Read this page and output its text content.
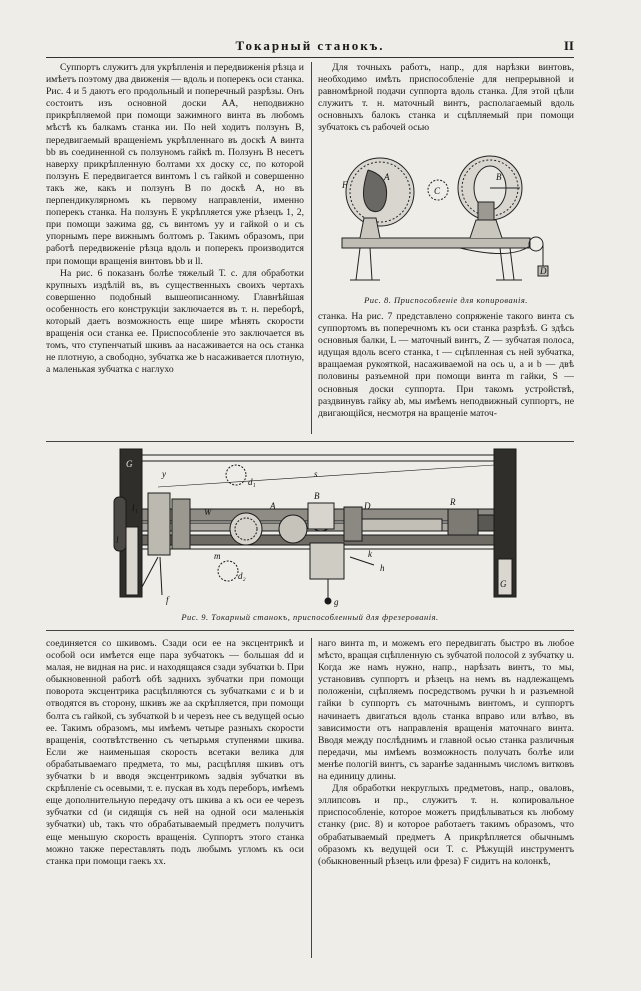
Токарный станокъ.	II

Суппортъ служитъ для укрѣпленія и передвиженія рѣзца и имѣетъ поэтому два движенія — вдоль и поперекъ оси станка. Рис. 4 и 5 даютъ его продольный и поперечный разрѣзы. Онъ состоитъ изъ основной доски AA, неподвижно прикрѣпляемой при помощи зажимного винта въ любомъ мѣстѣ къ балкамъ станка ии. По ней ходитъ ползунъ B, передвигаемый вращеніемъ укрѣпленнаго въ доскѣ A винта bb въ соединенной съ ползуномъ гайкѣ m. Ползунъ B несетъ наверху прикрѣпленную болтами xx доску cc, по которой ползунъ E передвигается винтомъ l съ гайкой и совершенно такъ же, какъ и ползунъ B по доскѣ A, но въ перпендикулярномъ къ первому направленіи, именно поперекъ станка. На ползунъ E укрѣпляется уже рѣзецъ 1, 2, при помощи зажима gg, съ винтомъ yy и гайкой o и съ упорнымъ пере вижнымъ болтомъ p. Такимъ образомъ, при работѣ передвиженіе рѣзца вдоль и поперекъ производится при помощи вращенія винтовъ bb и ll.

На рис. 6 показанъ болѣе тяжелый Т. с. для обработки крупныхъ издѣлій въ, въ существенныхъ своихъ чертахъ совершенно подобный вышеописанному. Главнѣйшая особенность его конструкціи заключается въ т. н. переборѣ, который даетъ возможность еще шире мѣнять скорости вращенія оси станка ee. Приспособленіе это заключается въ томъ, что ступенчатый шкивъ aa насаживается на ось станка не плотную, а свободно, зубчатка же b насаживается плотную, а маленькая зубчатка c наглухо

Для точныхъ работъ, напр., для нарѣзки винтовъ, необходимо имѣть приспособленіе для непрерывной и равномѣрной подачи суппорта вдоль станка. Для этой цѣли служитъ т. н. маточный винтъ, располагаемый вдоль основныхъ балокъ станка и сцѣпляемый при помощи зубчатокъ съ рабочей осью

F
A
C
B
D
Рис. 8. Приспособленіе для копированія.

станка. На рис. 7 представлено сопряженіе такого винта съ суппортомъ въ поперечномъ къ оси станка разрѣзѣ. G здѣсь основныя балки, L — маточный винтъ, Z — зубчатая полоса, идущая вдоль всего станка, t — сцѣпленная съ ней зубчатка, вращаемая рукояткой, насаживаемой на ось u, a и b — двѣ половины разъемной при помощи винта m гайки, S — основныя доски суппорта. При такомъ устройствѣ, раздвинувъ гайку ab, мы имѣемъ неподвижный суппортъ, не двигающійся, несмотря на вращеніе маточ-

G
y	s
d₁
l₁
l
W
A
B
D	R
d₂
m	k
h
f	g
G
Рис. 9. Токарный станокъ, приспособленный для фрезерованія.

соединяется со шкивомъ. Сзади оси ee на эксцентрикѣ и особой оси имѣется еще пара зубчатокъ — большая dd и малая, не видная на рис. и находящаяся сзади зубчатки b. При обыкновенной работѣ обѣ заднихъ зубчатки при помощи поворота эксцентрика расцѣпляются съ зубчатками c и b и отводятся въ сторону, шкивъ же aa скрѣпляется, при помощи болта съ гайкой, съ зубчаткой b и черезъ нее съ ведущей осью ee. Такимъ образомъ, мы имѣемъ четыре разныхъ скорости вращенія, соотвѣтственно съ четырьмя ступенями шкива. Если же наименьшая скорость всетаки велика для обрабатываемаго предмета, то мы, расцѣпляя шкивъ отъ зубчатки b и вводя эксцентрикомъ задвія зубчатки въ скрѣпленіе съ осевыми, т. е. пуская въ ходъ переборъ, имѣемъ еще дополнительную передачу отъ шкива a къ оси ee черезъ зубчатки cd (и сидящія съ ней на одной оси маленькія зубчатки) ub, такъ что обрабатываемый предметъ получитъ еще меньшую скорость вращенія. Суппортъ этого станка можно также переставлять подъ любымъ угломъ къ оси станка при помощи гаекъ xx.

наго винта m, и можемъ его передвигать быстро въ любое мѣсто, вращая сцѣпленную съ зубчатой полосой z зубчатку u. Когда же намъ нужно, напр., нарѣзать винтъ, то мы, установивъ суппортъ и рѣзецъ на немъ въ надлежащемъ положеніи, сцѣпляемъ посредствомъ ручки h и разъемной гайки b суппортъ съ маточнымъ винтомъ, и суппортъ начинаетъ двигаться вдоль станка вправо или влѣво, въ зависимости отъ направленія вращенія маточнаго винта. Вводя между послѣднимъ и главной осью станка различныя передачи, мы имѣемъ возможность получать болѣе или менѣе пологій винтъ, съ заранѣе заданнымъ числомъ витковъ на единицу длины.

Для обработки некруглыхъ предметовъ, напр., оваловъ, эллипсовъ и пр., служитъ т. н. копировальное приспособленіе, которое можетъ придѣлываться къ любому станку (рис. 8) и которое работаетъ такимъ образомъ, что обрабатываемый предметъ A прикрѣпляется обычнымъ образомъ къ ведущей оси Т. с. Рѣжущій инструментъ (обыкновенный рѣзецъ или фреза) F сидитъ на колонкѣ,
